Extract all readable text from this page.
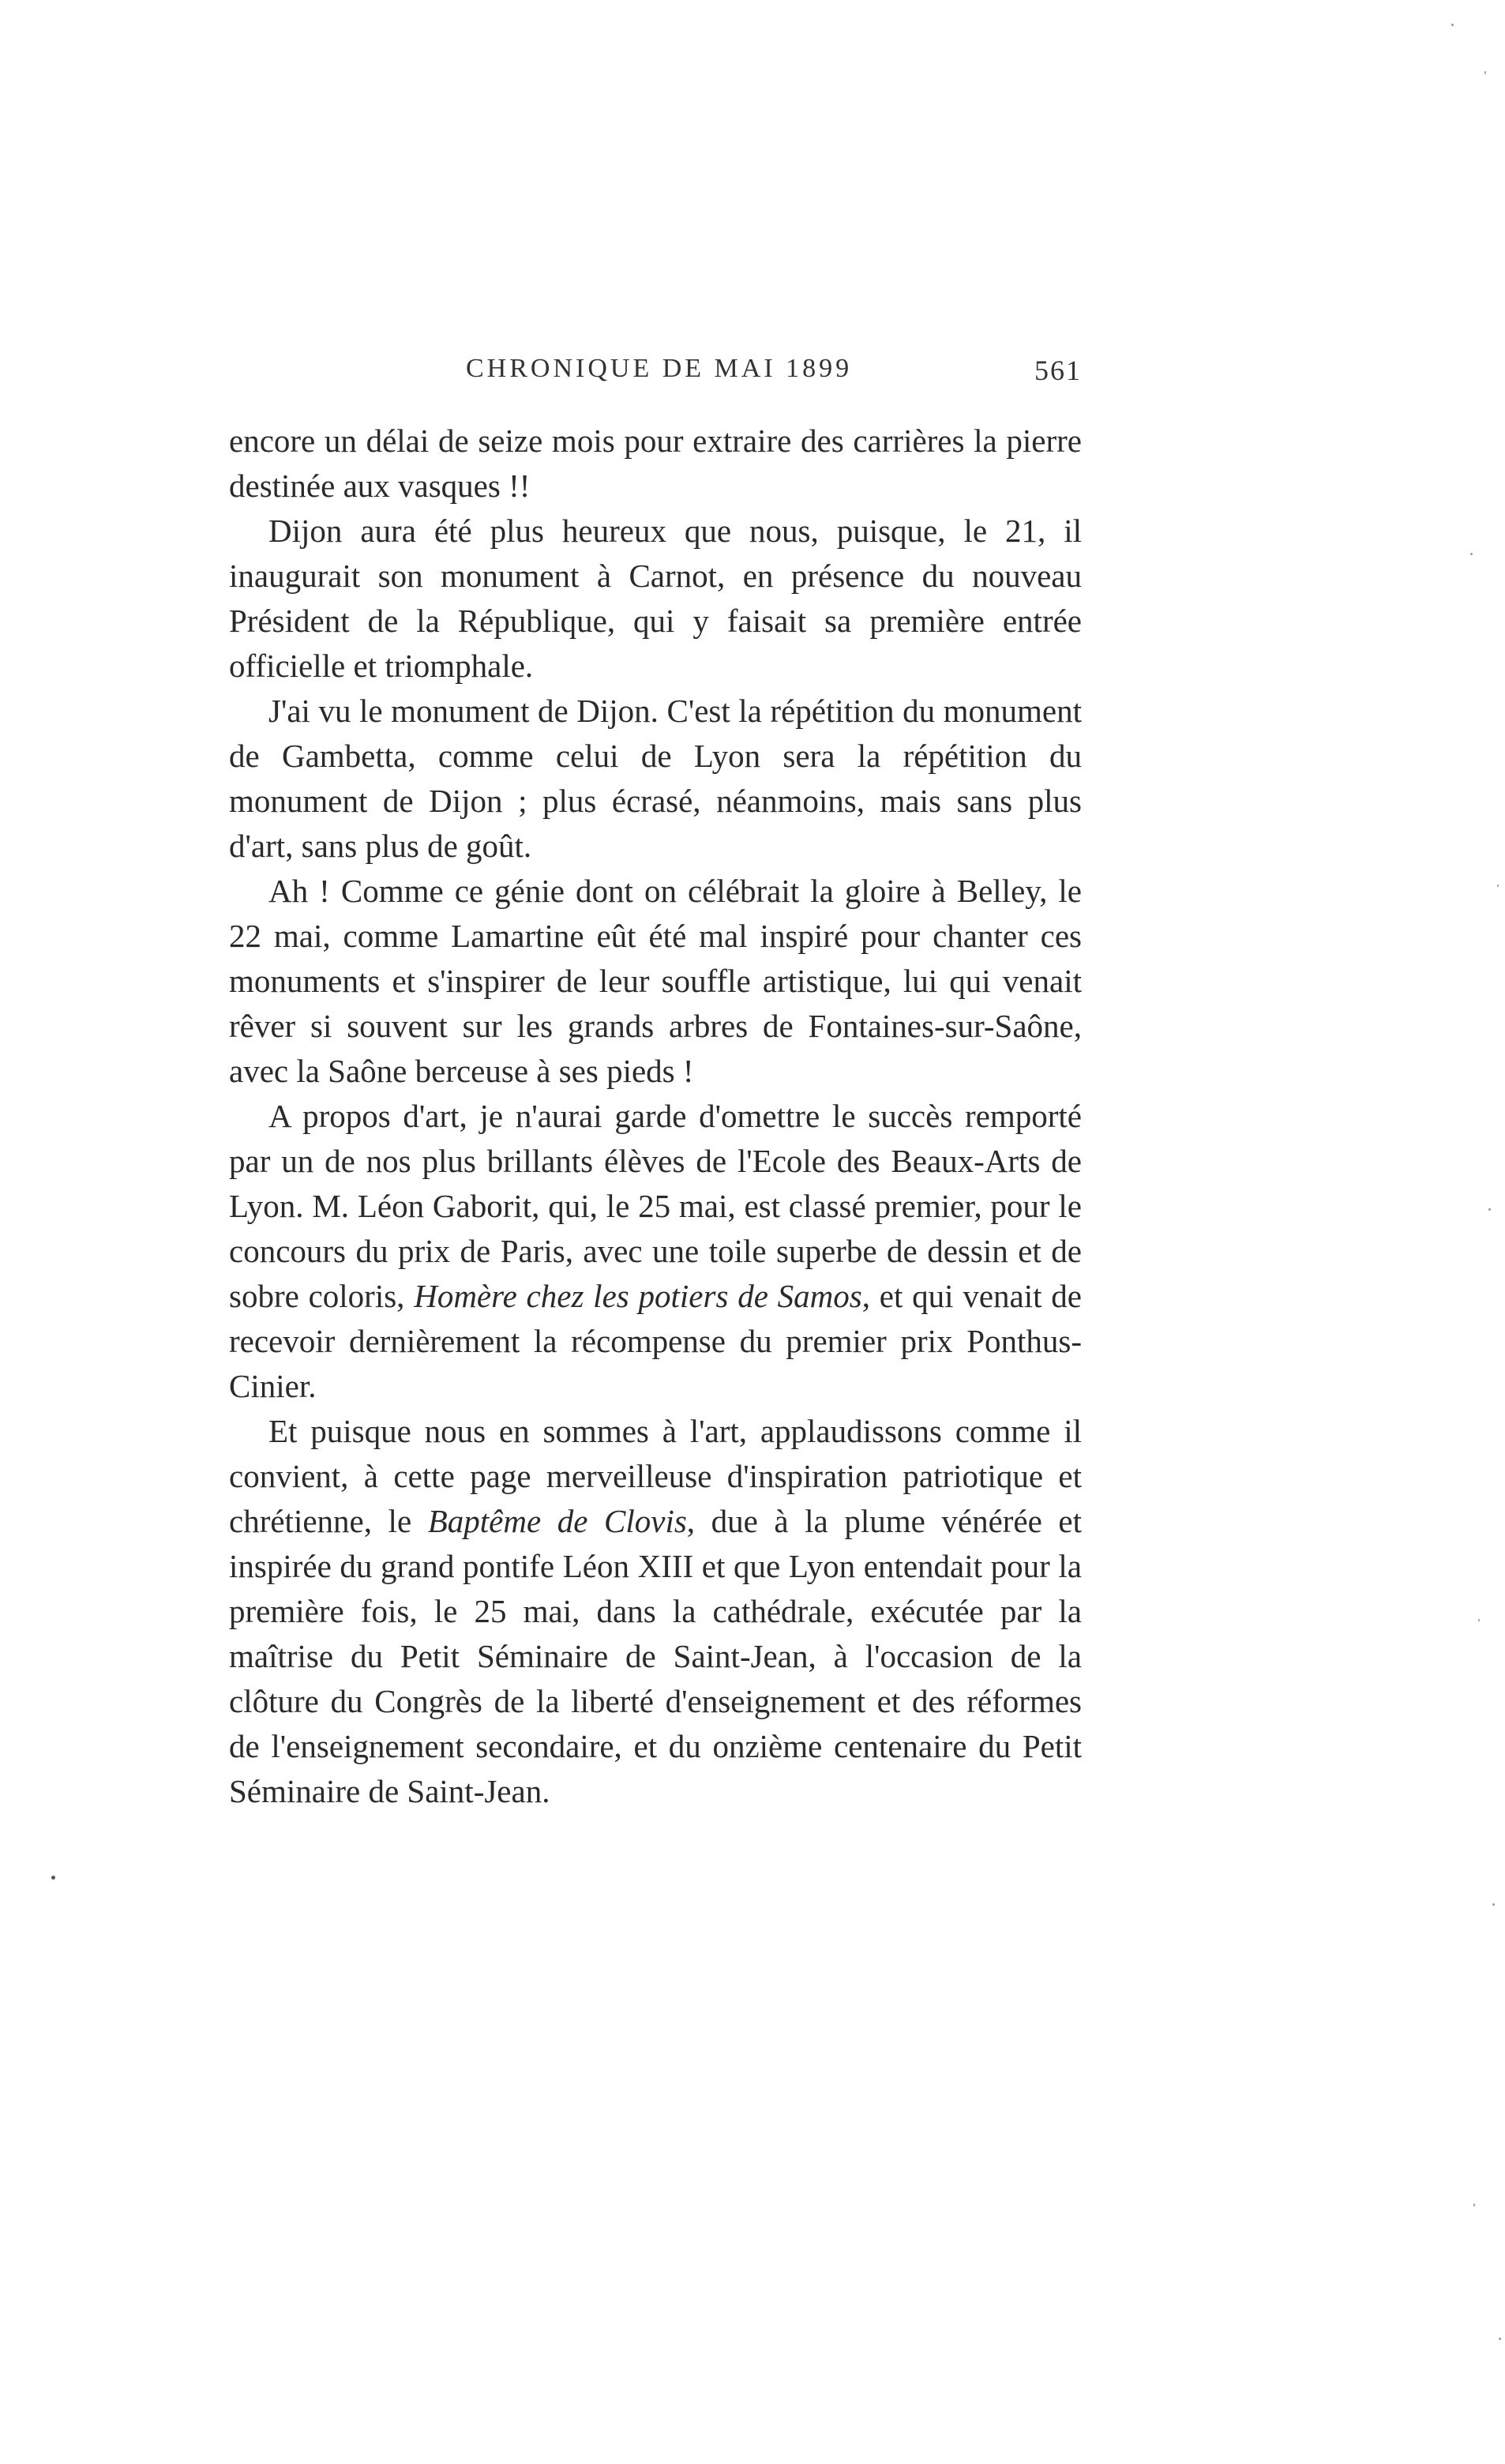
CHRONIQUE DE MAI 1899	561

encore un délai de seize mois pour extraire des carrières la pierre destinée aux vasques !!

Dijon aura été plus heureux que nous, puisque, le 21, il inaugurait son monument à Carnot, en présence du nouveau Président de la République, qui y faisait sa première entrée officielle et triomphale.

J'ai vu le monument de Dijon. C'est la répétition du monument de Gambetta, comme celui de Lyon sera la répétition du monument de Dijon ; plus écrasé, néanmoins, mais sans plus d'art, sans plus de goût.

Ah ! Comme ce génie dont on célébrait la gloire à Belley, le 22 mai, comme Lamartine eût été mal inspiré pour chanter ces monuments et s'inspirer de leur souffle artistique, lui qui venait rêver si souvent sur les grands arbres de Fontaines-sur-Saône, avec la Saône berceuse à ses pieds !

A propos d'art, je n'aurai garde d'omettre le succès remporté par un de nos plus brillants élèves de l'Ecole des Beaux-Arts de Lyon. M. Léon Gaborit, qui, le 25 mai, est classé premier, pour le concours du prix de Paris, avec une toile superbe de dessin et de sobre coloris, Homère chez les potiers de Samos, et qui venait de recevoir dernièrement la récompense du premier prix Ponthus-Cinier.

Et puisque nous en sommes à l'art, applaudissons comme il convient, à cette page merveilleuse d'inspiration patriotique et chrétienne, le Baptême de Clovis, due à la plume vénérée et inspirée du grand pontife Léon XIII et que Lyon entendait pour la première fois, le 25 mai, dans la cathédrale, exécutée par la maîtrise du Petit Séminaire de Saint-Jean, à l'occasion de la clôture du Congrès de la liberté d'enseignement et des réformes de l'enseignement secondaire, et du onzième centenaire du Petit Séminaire de Saint-Jean.
